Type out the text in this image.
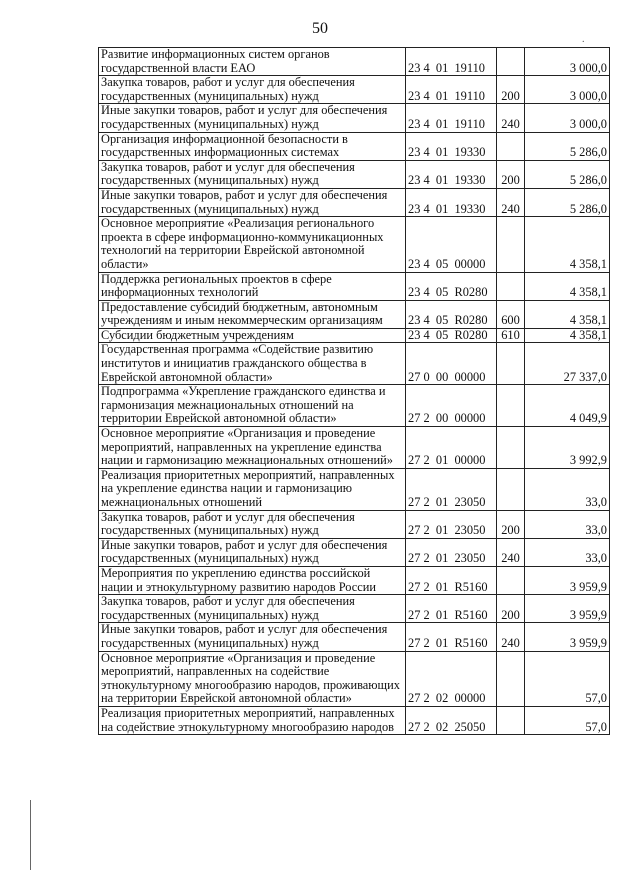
50
.
Развитие информационных систем органов государственной власти ЕАО	23 4  01  19110		3 000,0
Закупка товаров, работ и услуг для обеспечения государственных (муниципальных) нужд	23 4  01  19110	200	3 000,0
Иные закупки товаров, работ и услуг для обеспечения государственных (муниципальных) нужд	23 4  01  19110	240	3 000,0
Организация информационной безопасности в государственных информационных системах	23 4  01  19330		5 286,0
Закупка товаров, работ и услуг для обеспечения государственных (муниципальных) нужд	23 4  01  19330	200	5 286,0
Иные закупки товаров, работ и услуг для обеспечения государственных (муниципальных) нужд	23 4  01  19330	240	5 286,0
Основное мероприятие «Реализация регионального проекта в сфере информационно-коммуникационных технологий на территории Еврейской автономной области»	23 4  05  00000		4 358,1
Поддержка региональных проектов в сфере информационных технологий	23 4  05  R0280		4 358,1
Предоставление субсидий бюджетным, автономным учреждениям и иным некоммерческим организациям	23 4  05  R0280	600	4 358,1
Субсидии бюджетным учреждениям	23 4  05  R0280	610	4 358,1
Государственная программа «Содействие развитию институтов и инициатив гражданского общества в Еврейской автономной области»	27 0  00  00000		27 337,0
Подпрограмма «Укрепление гражданского единства и гармонизация межнациональных отношений на территории Еврейской автономной области»	27 2  00  00000		4 049,9
Основное мероприятие «Организация и проведение мероприятий, направленных на укрепление единства нации и гармонизацию межнациональных отношений»	27 2  01  00000		3 992,9
Реализация приоритетных мероприятий, направленных на укрепление единства нации и гармонизацию межнациональных отношений	27 2  01  23050		33,0
Закупка товаров, работ и услуг для обеспечения государственных (муниципальных) нужд	27 2  01  23050	200	33,0
Иные закупки товаров, работ и услуг для обеспечения государственных (муниципальных) нужд	27 2  01  23050	240	33,0
Мероприятия по укреплению единства российской нации и этнокультурному развитию народов России	27 2  01  R5160		3 959,9
Закупка товаров, работ и услуг для обеспечения государственных (муниципальных) нужд	27 2  01  R5160	200	3 959,9
Иные закупки товаров, работ и услуг для обеспечения государственных (муниципальных) нужд	27 2  01  R5160	240	3 959,9
Основное мероприятие «Организация и проведение мероприятий, направленных на содействие этнокультурному многообразию народов, проживающих на территории Еврейской автономной области»	27 2  02  00000		57,0
Реализация приоритетных мероприятий, направленных на содействие этнокультурному многообразию народов	27 2  02  25050		57,0
